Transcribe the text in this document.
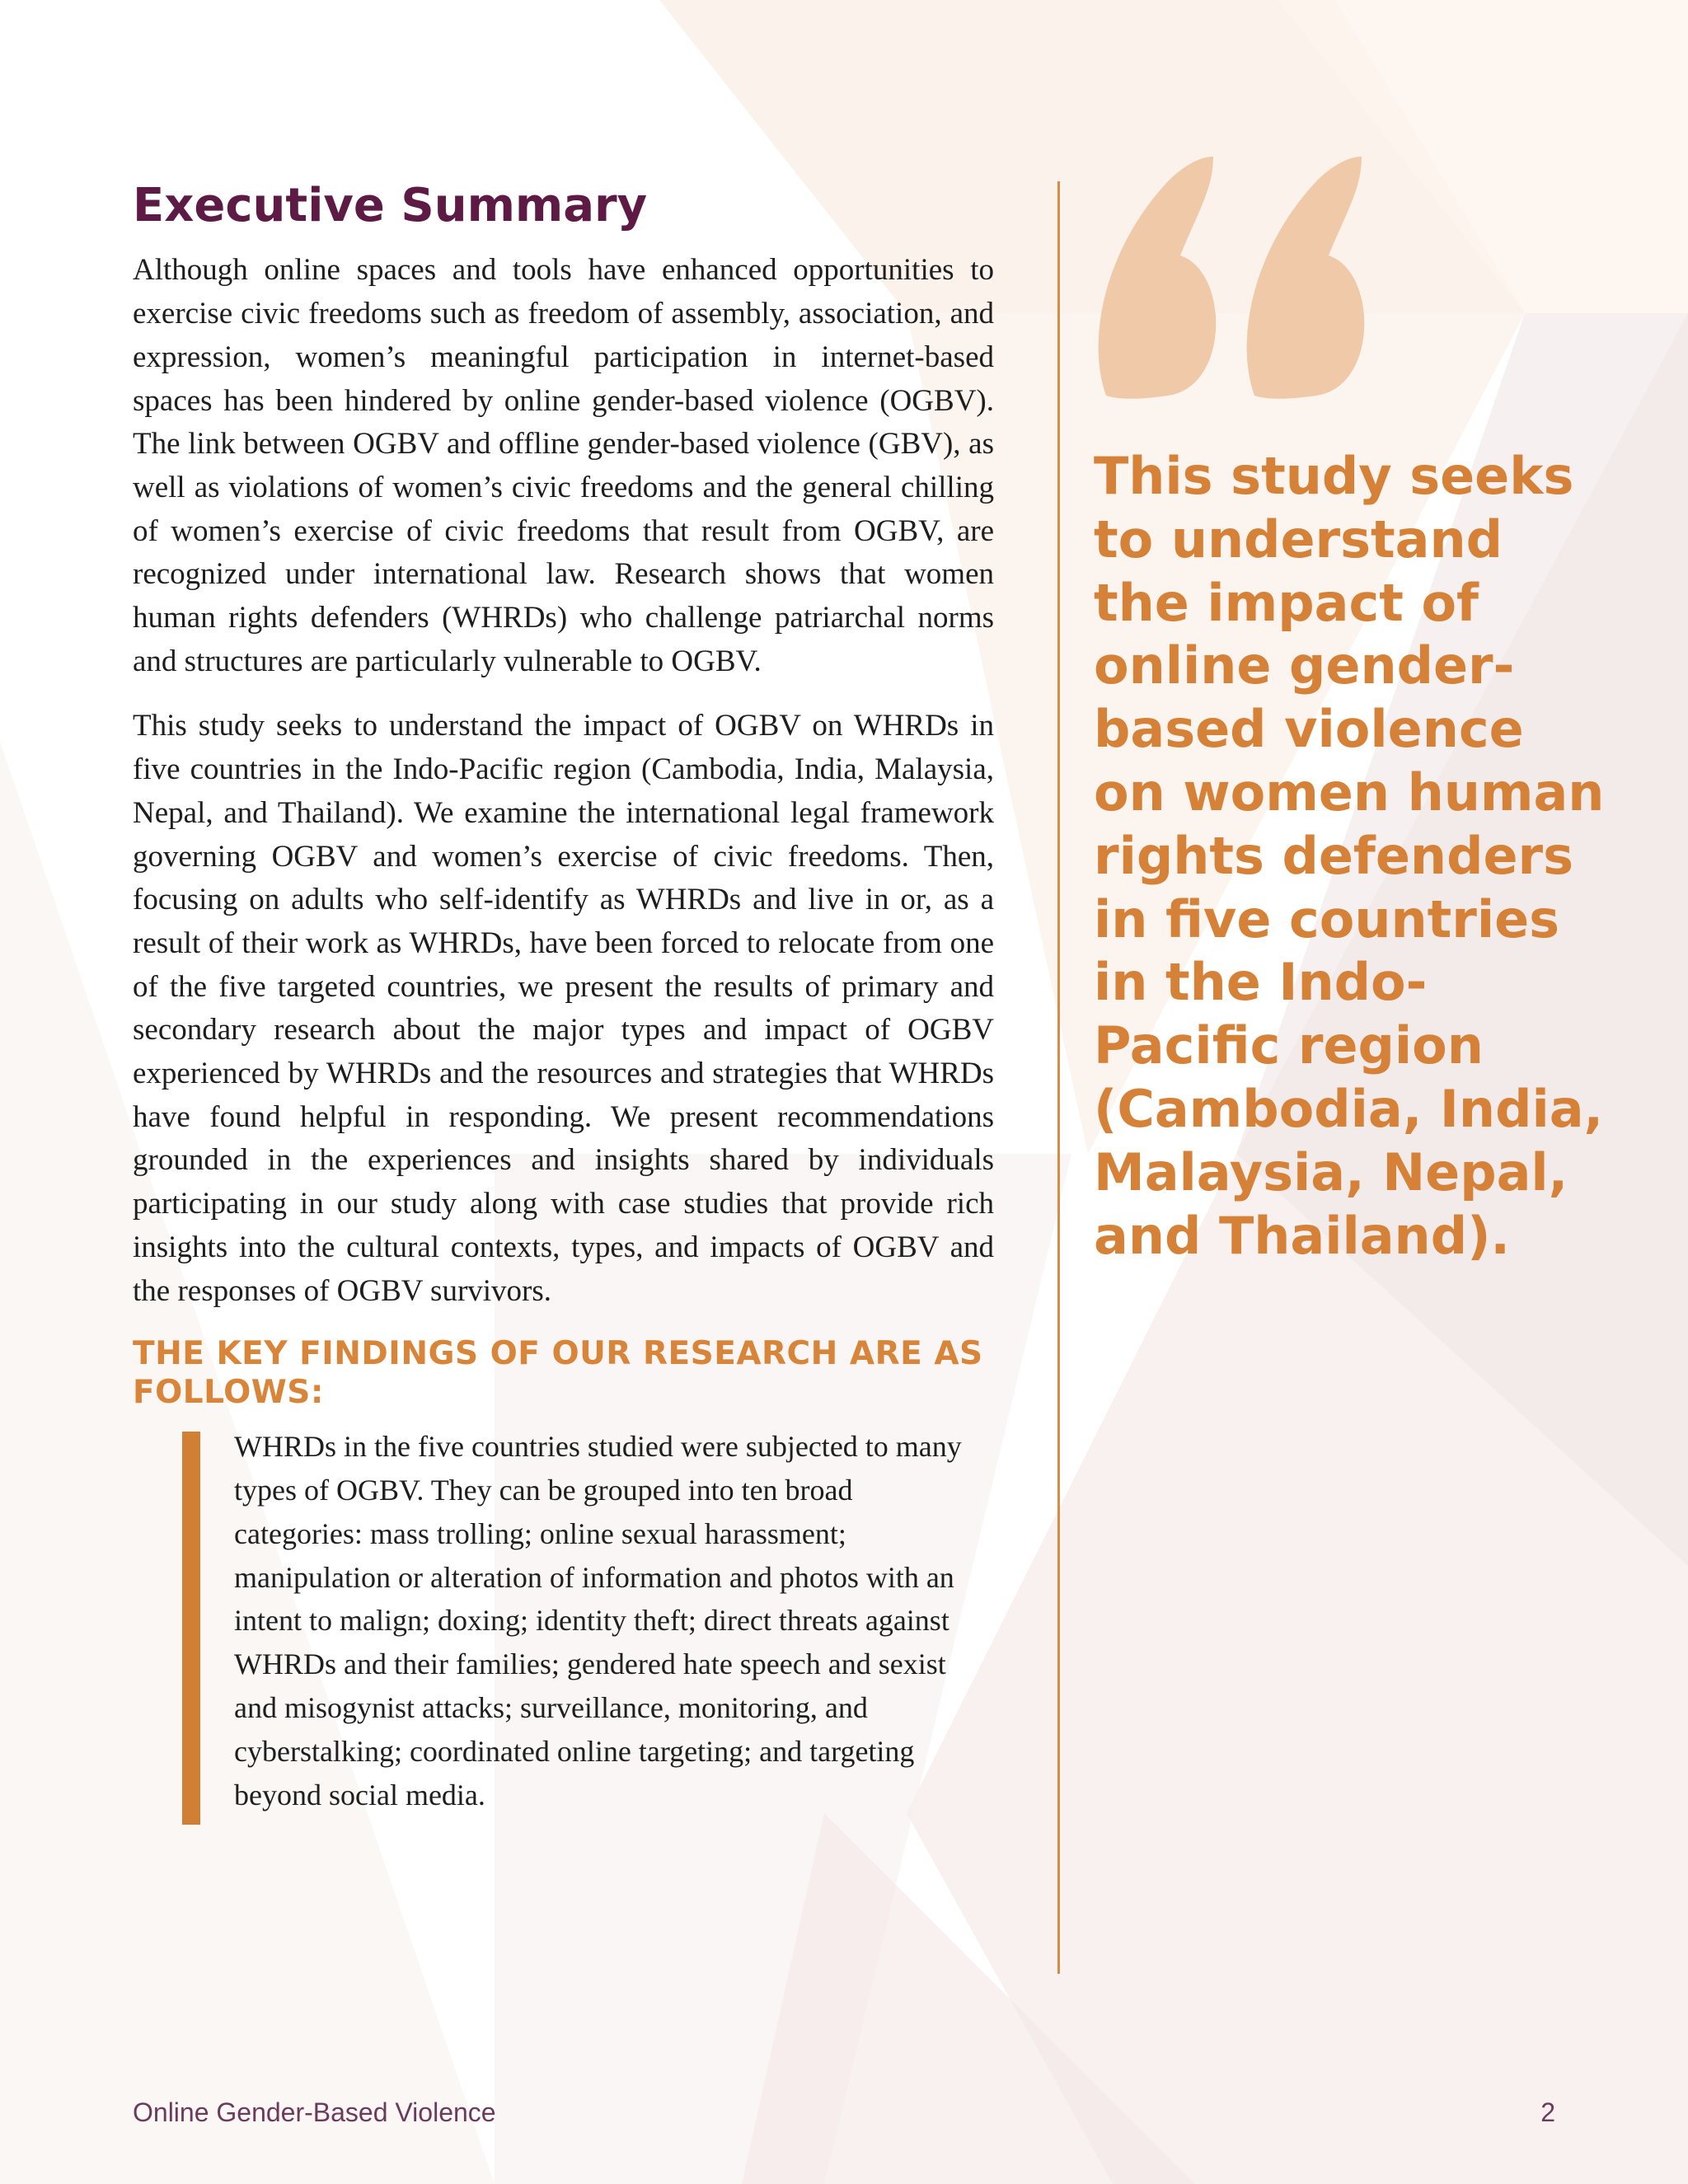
Executive Summary

Although online spaces and tools have enhanced opportunities to exercise civic freedoms such as freedom of assembly, association, and expression, women’s meaningful participation in internet-based spaces has been hindered by online gender-based violence (OGBV). The link between OGBV and offline gender-based violence (GBV), as well as violations of women’s civic freedoms and the general chilling of women’s exercise of civic freedoms that result from OGBV, are recognized under international law. Research shows that women human rights defenders (WHRDs) who challenge patriarchal norms and structures are particularly vulnerable to OGBV.

This study seeks to understand the impact of OGBV on WHRDs in five countries in the Indo-Pacific region (Cambodia, India, Malaysia, Nepal, and Thailand). We examine the international legal framework governing OGBV and women’s exercise of civic freedoms. Then, focusing on adults who self-identify as WHRDs and live in or, as a result of their work as WHRDs, have been forced to relocate from one of the five targeted countries, we present the results of primary and secondary research about the major types and impact of OGBV experienced by WHRDs and the resources and strategies that WHRDs have found helpful in responding. We present recommendations grounded in the experiences and insights shared by individuals participating in our study along with case studies that provide rich insights into the cultural contexts, types, and impacts of OGBV and the responses of OGBV survivors.

THE KEY FINDINGS OF OUR RESEARCH ARE AS FOLLOWS:

WHRDs in the five countries studied were subjected to many types of OGBV. They can be grouped into ten broad categories: mass trolling; online sexual harassment; manipulation or alteration of information and photos with an intent to malign; doxing; identity theft; direct threats against WHRDs and their families; gendered hate speech and sexist and misogynist attacks; surveillance, monitoring, and cyberstalking; coordinated online targeting; and targeting beyond social media.

This study seeks to understand the impact of online gender-based violence on women human rights defenders in five countries in the Indo-Pacific region (Cambodia, India, Malaysia, Nepal, and Thailand).

Online Gender-Based Violence	2
